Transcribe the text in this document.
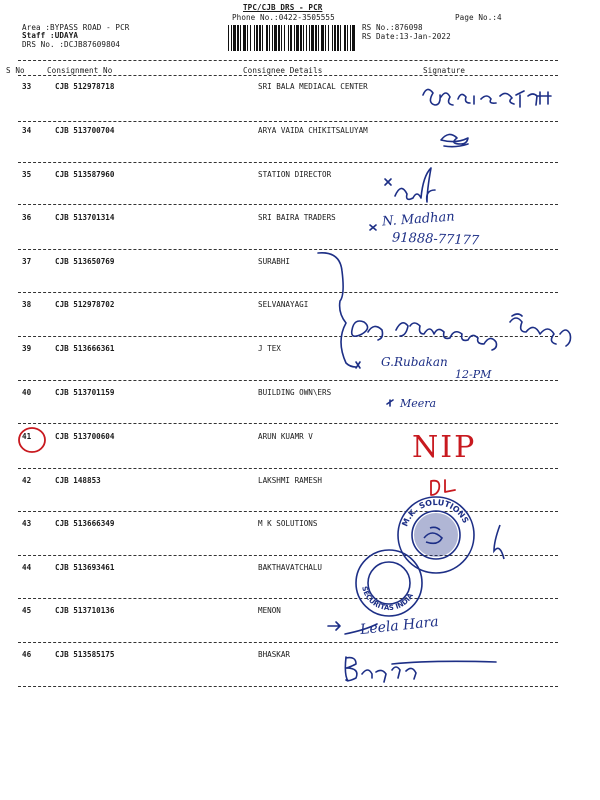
TPC/CJB DRS - PCR
Phone No.:0422-3505555	Page No.:4
Area :BYPASS ROAD - PCR
Staff :UDAYA
DRS No. :DCJB87609804
RS No.:876098
RS Date:13-Jan-2022
S No	Consignment No	Consignee Details	Signature
33	CJB 512978718	SRI BALA MEDIACAL CENTER
34	CJB 513700704	ARYA VAIDA CHIKITSALUYAM
35	CJB 513587960	STATION DIRECTOR
36	CJB 513701314	SRI BAIRA TRADERS
37	CJB 513650769	SURABHI
38	CJB 512978702	SELVANAYAGI
39	CJB 513666361	J TEX
40	CJB 513701159	BUILDING OWN\ERS
41	CJB 513700604	ARUN KUAMR V
42	CJB 148853	LAKSHMI RAMESH
43	CJB 513666349	M K SOLUTIONS
44	CJB 513693461	BAKTHAVATCHALU
45	CJB 513710136	MENON
46	CJB 513585175	BHASKAR
N. Madhan
91888-77177
G.Rubakan
12-PM
Meera
NIP
Leela Hara
M.K. SOLUTIONS
SECURITAS INDIA
